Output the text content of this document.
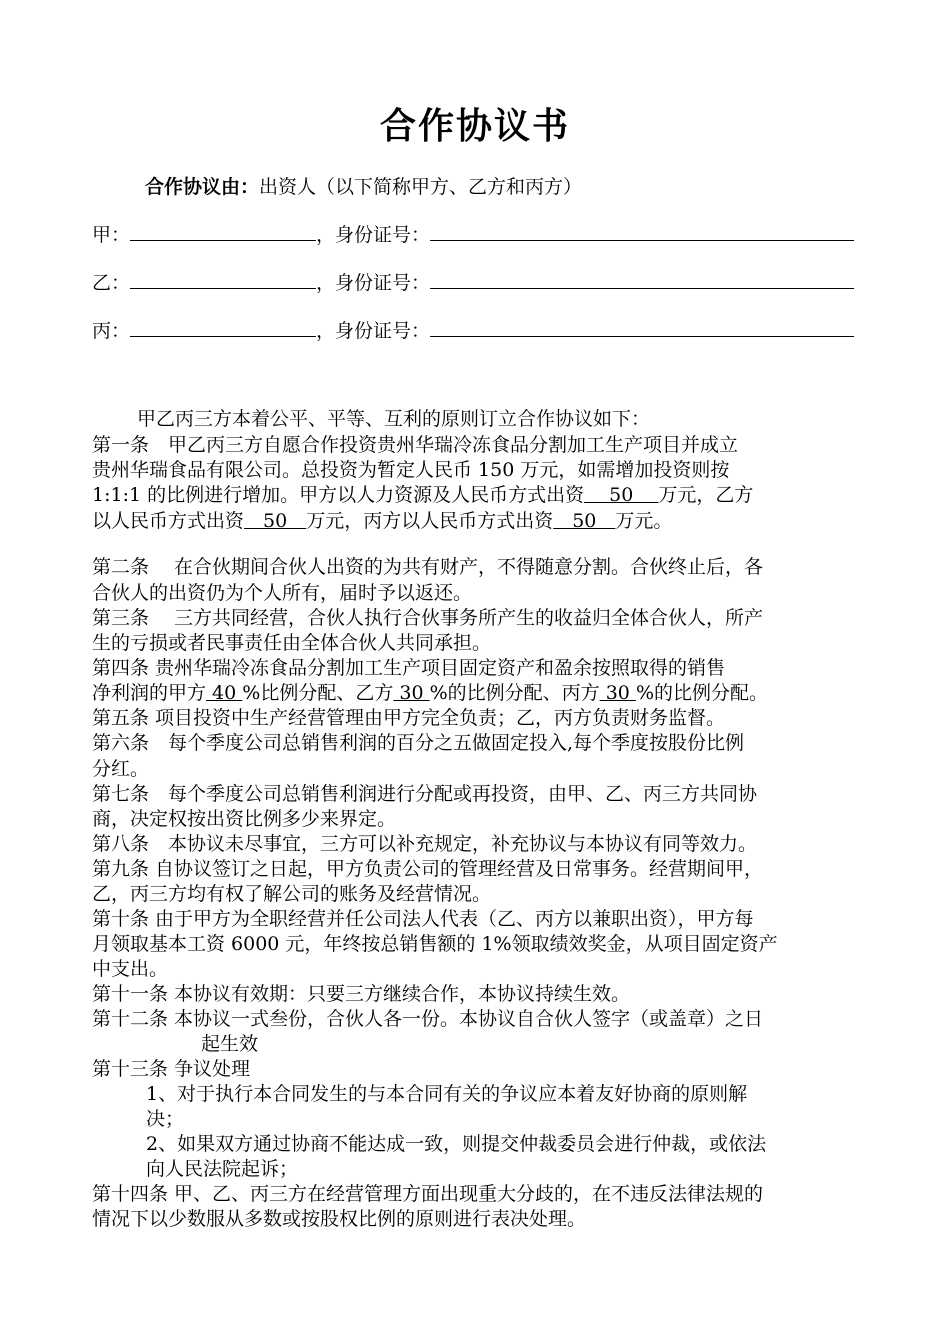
合作协议书
合作协议由：出资人（以下简称甲方、乙方和丙方）
甲：	，身份证号：
乙：	，身份证号：
丙：	，身份证号：
甲乙丙三方本着公平、平等、互利的原则订立合作协议如下：
第一条　甲乙丙三方自愿合作投资贵州华瑞冷冻食品分割加工生产项目并成立
贵州华瑞食品有限公司。总投资为暂定人民币 150 万元，如需增加投资则按
1:1:1 的比例进行增加。甲方以人力资源及人民币方式出资　 50　 万元，乙方
以人民币方式出资　50　万元，丙方以人民币方式出资　50　万元。
第二条　 在合伙期间合伙人出资的为共有财产，不得随意分割。合伙终止后，各
合伙人的出资仍为个人所有，届时予以返还。
第三条　 三方共同经营，合伙人执行合伙事务所产生的收益归全体合伙人，所产
生的亏损或者民事责任由全体合伙人共同承担。
第四条 贵州华瑞冷冻食品分割加工生产项目固定资产和盈余按照取得的销售
净利润的甲方 40 %比例分配、乙方 30 %的比例分配、丙方 30 %的比例分配。
第五条 项目投资中生产经营管理由甲方完全负责；乙，丙方负责财务监督。
第六条　每个季度公司总销售利润的百分之五做固定投入,每个季度按股份比例
分红。
第七条　每个季度公司总销售利润进行分配或再投资，由甲、乙、丙三方共同协
商，决定权按出资比例多少来界定。
第八条　本协议未尽事宜，三方可以补充规定，补充协议与本协议有同等效力。
第九条 自协议签订之日起，甲方负责公司的管理经营及日常事务。经营期间甲，
乙，丙三方均有权了解公司的账务及经营情况。
第十条 由于甲方为全职经营并任公司法人代表（乙、丙方以兼职出资），甲方每
月领取基本工资 6000 元，年终按总销售额的 1%领取绩效奖金，从项目固定资产
中支出。
第十一条 本协议有效期：只要三方继续合作，本协议持续生效。
第十二条 本协议一式叁份，合伙人各一份。本协议自合伙人签字（或盖章）之日
起生效
第十三条 争议处理
1、对于执行本合同发生的与本合同有关的争议应本着友好协商的原则解
决；
2、如果双方通过协商不能达成一致，则提交仲裁委员会进行仲裁，或依法
向人民法院起诉；
第十四条 甲、乙、丙三方在经营管理方面出现重大分歧的，在不违反法律法规的
情况下以少数服从多数或按股权比例的原则进行表决处理。
